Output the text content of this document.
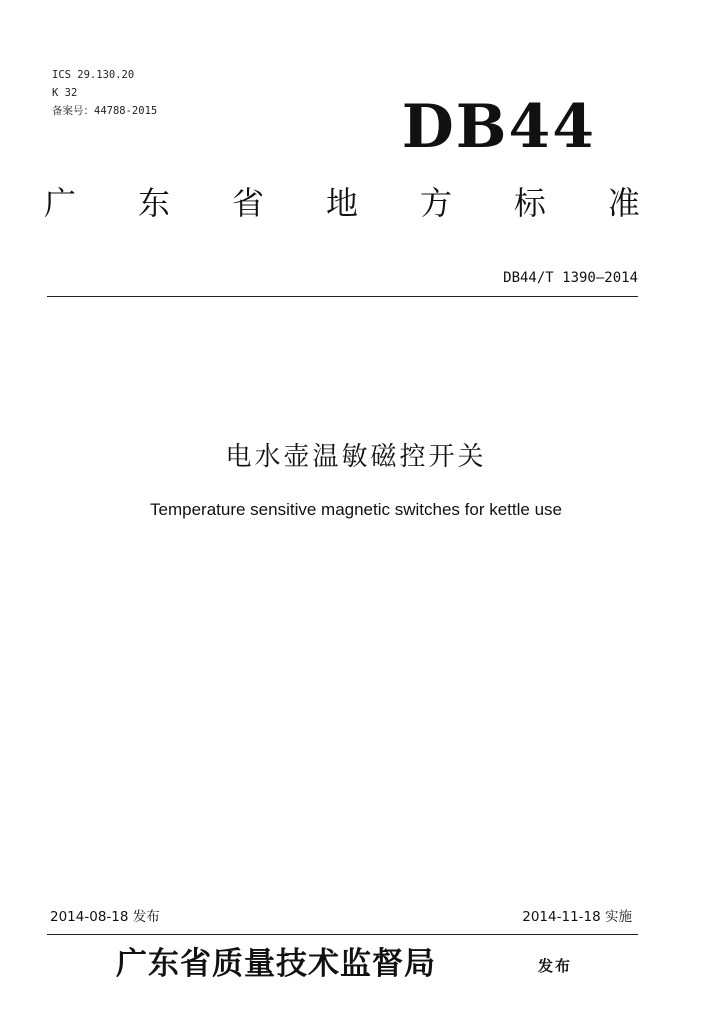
ICS 29.130.20
K 32
备案号：44788-2015	DB44
广 东 省 地 方 标 准
DB44/T 1390—2014
电水壶温敏磁控开关
Temperature sensitive magnetic switches for kettle use
2014-08-18 发布	2014-11-18 实施
广东省质量技术监督局	发布
